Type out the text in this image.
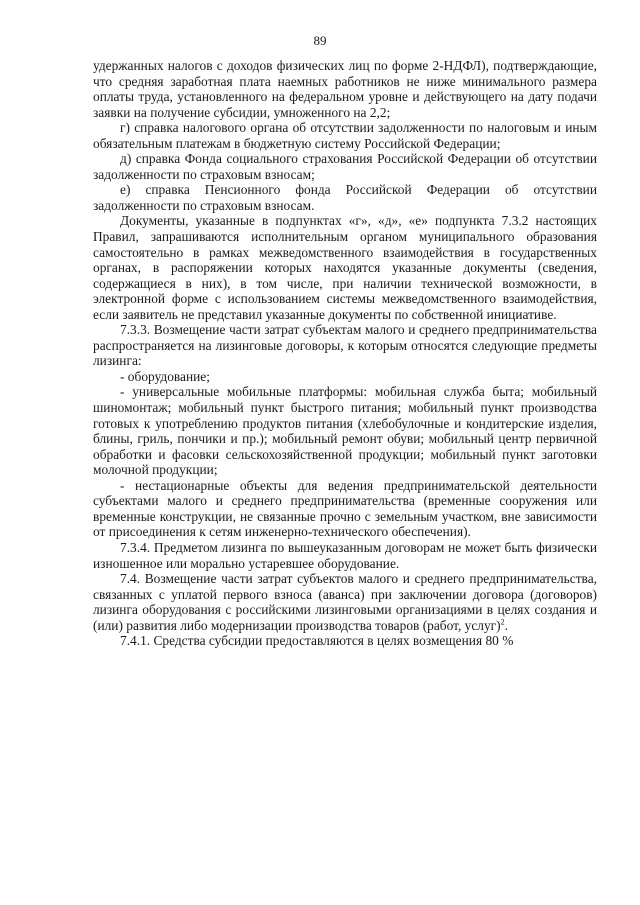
89

удержанных налогов с доходов физических лиц по форме 2-НДФЛ), подтверждающие, что средняя заработная плата наемных работников не ниже минимального размера оплаты труда, установленного на федеральном уровне и действующего на дату подачи заявки на получение субсидии, умноженного на 2,2;

г) справка налогового органа об отсутствии задолженности по налоговым и иным обязательным платежам в бюджетную систему Российской Федерации;

д) справка Фонда социального страхования Российской Федерации об отсутствии задолженности по страховым взносам;

е) справка Пенсионного фонда Российской Федерации об отсутствии задолженности по страховым взносам.

Документы, указанные в подпунктах «г», «д», «е» подпункта 7.3.2 настоящих Правил, запрашиваются исполнительным органом муниципального образования самостоятельно в рамках межведомственного взаимодействия в государственных органах, в распоряжении которых находятся указанные документы (сведения, содержащиеся в них), в том числе, при наличии технической возможности, в электронной форме с использованием системы межведомственного взаимодействия, если заявитель не представил указанные документы по собственной инициативе.

7.3.3. Возмещение части затрат субъектам малого и среднего предпринимательства распространяется на лизинговые договоры, к которым относятся следующие предметы лизинга:

- оборудование;

- универсальные мобильные платформы: мобильная служба быта; мобильный шиномонтаж; мобильный пункт быстрого питания; мобильный пункт производства готовых к употреблению продуктов питания (хлебобулочные и кондитерские изделия, блины, гриль, пончики и пр.); мобильный ремонт обуви; мобильный центр первичной обработки и фасовки сельскохозяйственной продукции; мобильный пункт заготовки молочной продукции;

- нестационарные объекты для ведения предпринимательской деятельности субъектами малого и среднего предпринимательства (временные сооружения или временные конструкции, не связанные прочно с земельным участком, вне зависимости от присоединения к сетям инженерно-технического обеспечения).

7.3.4. Предметом лизинга по вышеуказанным договорам не может быть физически изношенное или морально устаревшее оборудование.

7.4. Возмещение части затрат субъектов малого и среднего предпринимательства, связанных с уплатой первого взноса (аванса) при заключении договора (договоров) лизинга оборудования с российскими лизинговыми организациями в целях создания и (или) развития либо модернизации производства товаров (работ, услуг)$^2$.

7.4.1. Средства субсидии предоставляются в целях возмещения 80 %
